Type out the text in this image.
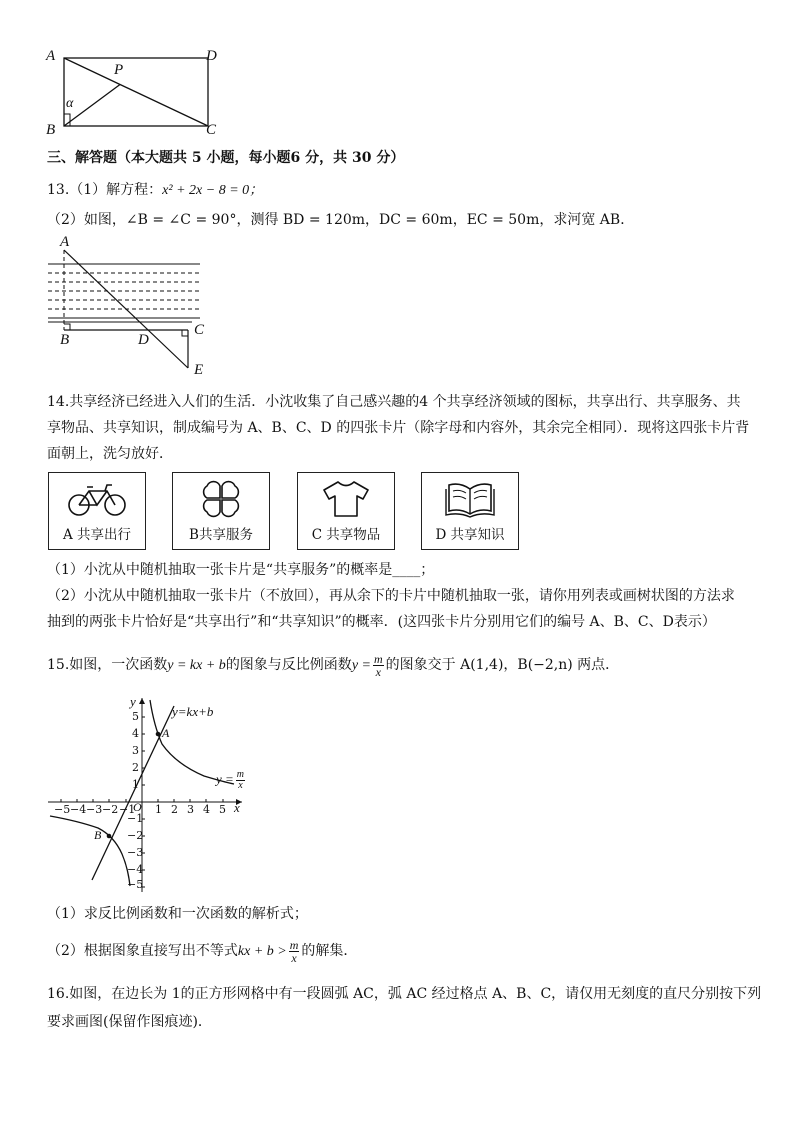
A	D
B	C
P
α
三、解答题（本大题共 5 小题，每小题6 分，共 30 分）
13.（1）解方程：x² + 2x − 8 = 0；
（2）如图，∠B = ∠C = 90°，测得 BD = 120m，DC = 60m，EC = 50m，求河宽 AB．
A
B	D
C
E
14.共享经济已经进入人们的生活．小沈收集了自己感兴趣的4 个共享经济领域的图标，共享出行、共享服务、共
享物品、共享知识，制成编号为 A、B、C、D 的四张卡片（除字母和内容外，其余完全相同）．现将这四张卡片背
面朝上，洗匀放好．
A 共享出行	B共享服务	C 共享物品	D 共享知识
（1）小沈从中随机抽取一张卡片是“共享服务”的概率是____；
（2）小沈从中随机抽取一张卡片（不放回），再从余下的卡片中随机抽取一张，请你用列表或画树状图的方法求
抽到的两张卡片恰好是“共享出行”和“共享知识”的概率．(这四张卡片分别用它们的编号 A、B、C、D表示）
15.如图，一次函数y = kx + b的图象与反比例函数$y = \frac{m}{x}$ 的图象交于 A(1,4)，B(−2,n) 两点．
y=kx+b
$y = \frac{m}{x}$
x
y
O
A
B
−5 −4 −3 −2 −1 1 2 3 4 5
5
4
3
2
1
−1
−2
−3
−4
−5
（1）求反比例函数和一次函数的解析式；
（2）根据图象直接写出不等式kx + $b > \frac{m}{x}$ 的解集．
16.如图，在边长为 1的正方形网格中有一段圆弧 AC，弧 AC 经过格点 A、B、C，请仅用无刻度的直尺分别按下列
要求画图(保留作图痕迹)．
